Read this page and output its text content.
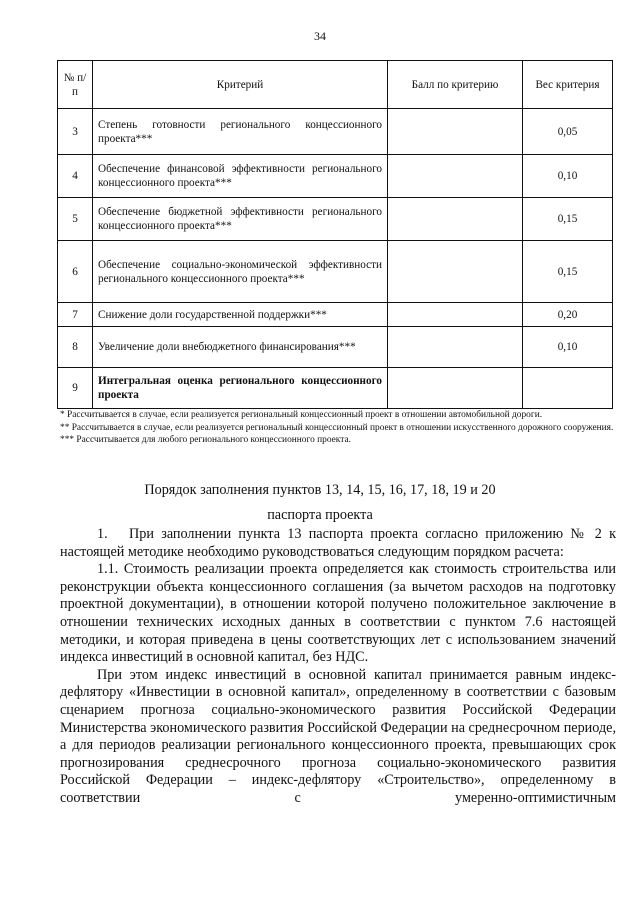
34
№ п/п	Критерий	Балл по критерию	Вес критерия
3	Степень готовности регионального концессионного проекта***		0,05
4	Обеспечение финансовой эффективности регионального концессионного проекта***		0,10
5	Обеспечение бюджетной эффективности регионального концессионного проекта***		0,15
6	Обеспечение социально-экономической эффективности регионального концессионного проекта***		0,15
7	Снижение доли государственной поддержки***		0,20
8	Увеличение доли внебюджетного финансирования***		0,10
9	Интегральная оценка регионального концессионного проекта		

* Рассчитывается в случае, если реализуется региональный концессионный проект в отношении автомобильной дороги.

** Рассчитывается в случае, если реализуется региональный концессионный проект в отношении искусственного дорожного сооружения.

*** Рассчитывается для любого регионального концессионного проекта.

Порядок заполнения пунктов 13, 14, 15, 16, 17, 18, 19 и 20
паспорта проекта

1.  При заполнении пункта 13 паспорта проекта согласно приложению № 2 к настоящей методике необходимо руководствоваться следующим порядком расчета:

1.1. Стоимость реализации проекта определяется как стоимость строительства или реконструкции объекта концессионного соглашения (за вычетом расходов на подготовку проектной документации), в отношении которой получено положительное заключение в отношении технических исходных данных в соответствии с пунктом 7.6 настоящей методики, и которая приведена в цены соответствующих лет с использованием значений индекса инвестиций в основной капитал, без НДС.

При этом индекс инвестиций в основной капитал принимается равным индекс-дефлятору «Инвестиции в основной капитал», определенному в соответствии с базовым сценарием прогноза социально-экономического развития Российской Федерации Министерства экономического развития Российской Федерации на среднесрочном периоде, а для периодов реализации регионального концессионного проекта, превышающих срок прогнозирования среднесрочного прогноза социально-экономического развития Российской Федерации – индекс-дефлятору «Строительство», определенному в соответствии с умеренно-оптимистичным
